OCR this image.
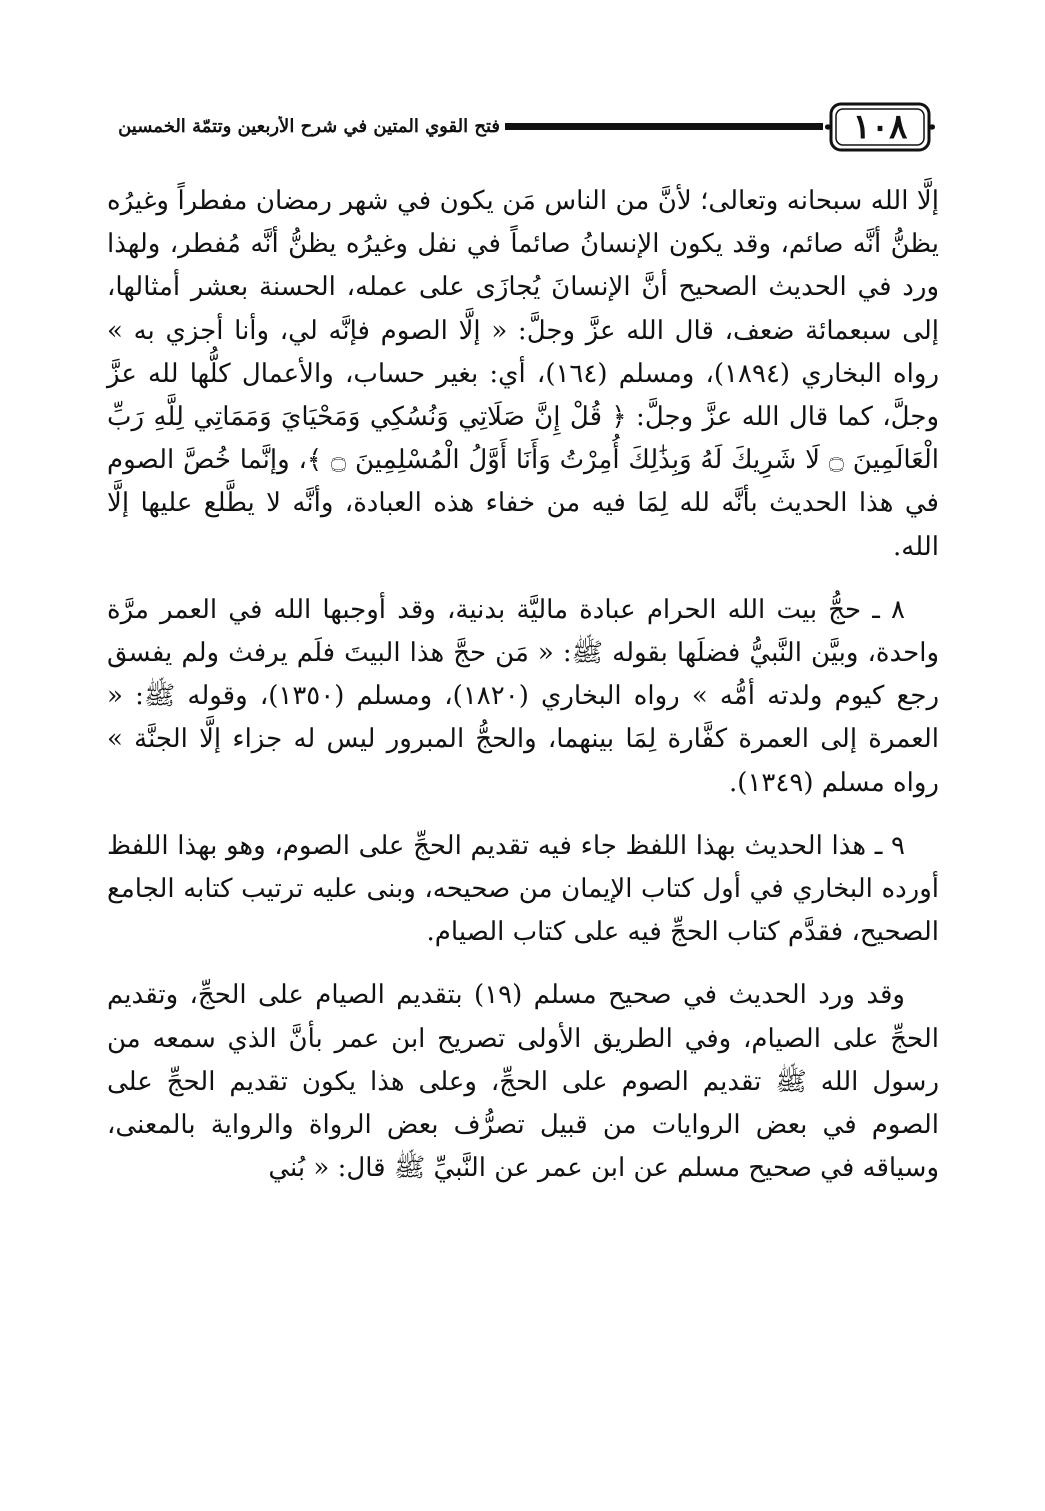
فتح القوي المتين في شرح الأربعين وتتمّة الخمسين	١٠٨

إلَّا الله سبحانه وتعالى؛ لأنَّ من الناس مَن يكون في شهر رمضان مفطراً وغيرُه يظنُّ أنَّه صائم، وقد يكون الإنسانُ صائماً في نفل وغيرُه يظنُّ أنَّه مُفطر، ولهذا ورد في الحديث الصحيح أنَّ الإنسانَ يُجازَى على عمله، الحسنة بعشر أمثالها، إلى سبعمائة ضعف، قال الله عزَّ وجلَّ: « إلَّا الصوم فإنَّه لي، وأنا أجزي به » رواه البخاري (١٨٩٤)، ومسلم (١٦٤)، أي: بغير حساب، والأعمال كلُّها لله عزَّ وجلَّ، كما قال الله عزَّ وجلَّ: ﴿ قُلْ إِنَّ صَلَاتِي وَنُسُكِي وَمَحْيَايَ وَمَمَاتِي لِلَّهِ رَبِّ الْعَالَمِينَ ۝ لَا شَرِيكَ لَهُ وَبِذَٰلِكَ أُمِرْتُ وَأَنَا أَوَّلُ الْمُسْلِمِينَ ۝ ﴾، وإنَّما خُصَّ الصوم في هذا الحديث بأنَّه لله لِمَا فيه من خفاء هذه العبادة، وأنَّه لا يطَّلع عليها إلَّا الله.

٨ ـ حجُّ بيت الله الحرام عبادة ماليَّة بدنية، وقد أوجبها الله في العمر مرَّة واحدة، وبيَّن النَّبيُّ فضلَها بقوله ﷺ: « مَن حجَّ هذا البيتَ فلَم يرفث ولم يفسق رجع كيوم ولدته أمُّه » رواه البخاري (١٨٢٠)، ومسلم (١٣٥٠)، وقوله ﷺ: « العمرة إلى العمرة كفَّارة لِمَا بينهما، والحجُّ المبرور ليس له جزاء إلَّا الجنَّة » رواه مسلم (١٣٤٩).

٩ ـ هذا الحديث بهذا اللفظ جاء فيه تقديم الحجِّ على الصوم، وهو بهذا اللفظ أورده البخاري في أول كتاب الإيمان من صحيحه، وبنى عليه ترتيب كتابه الجامع الصحيح، فقدَّم كتاب الحجِّ فيه على كتاب الصيام.

وقد ورد الحديث في صحيح مسلم (١٩) بتقديم الصيام على الحجِّ، وتقديم الحجِّ على الصيام، وفي الطريق الأولى تصريح ابن عمر بأنَّ الذي سمعه من رسول الله ﷺ تقديم الصوم على الحجِّ، وعلى هذا يكون تقديم الحجِّ على الصوم في بعض الروايات من قبيل تصرُّف بعض الرواة والرواية بالمعنى، وسياقه في صحيح مسلم عن ابن عمر عن النَّبيِّ ﷺ قال: « بُني
